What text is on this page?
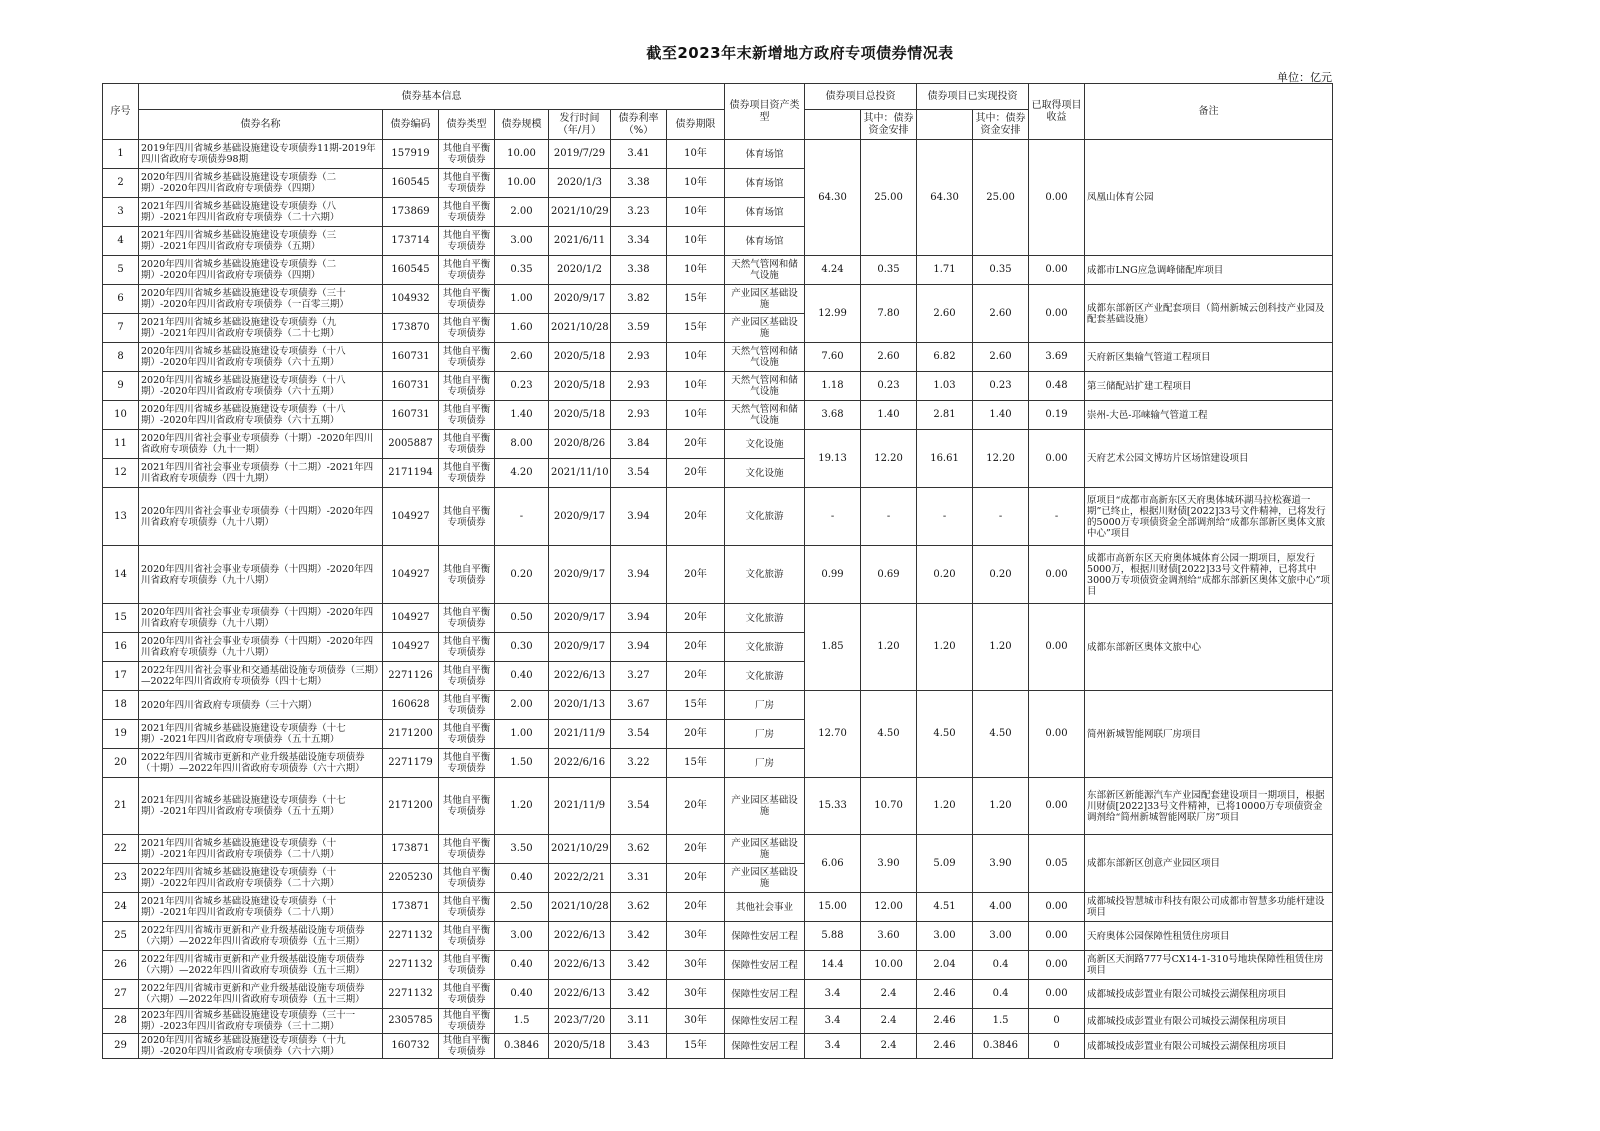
截至2023年末新增地方政府专项债券情况表
单位：亿元
序号	债券基本信息							债券项目资产类型	债券项目总投资		债券项目已实现投资		已取得项目收益	备注
	债券名称	债券编码	债券类型	债券规模	发行时间（年/月）	债券利率（%）	债券期限			其中：债券资金安排		其中：债券资金安排		
1	2019年四川省城乡基础设施建设专项债券11期-2019年四川省政府专项债券98期	157919	其他自平衡专项债券	10.00	2019/7/29	3.41	10年	体育场馆	64.30	25.00	64.30	25.00	0.00	凤凰山体育公园
2	2020年四川省城乡基础设施建设专项债券（二期）-2020年四川省政府专项债券（四期）	160545	其他自平衡专项债券	10.00	2020/1/3	3.38	10年	体育场馆						
3	2021年四川省城乡基础设施建设专项债券（八期）-2021年四川省政府专项债券（二十六期）	173869	其他自平衡专项债券	2.00	2021/10/29	3.23	10年	体育场馆						
4	2021年四川省城乡基础设施建设专项债券（三期）-2021年四川省政府专项债券（五期）	173714	其他自平衡专项债券	3.00	2021/6/11	3.34	10年	体育场馆						
5	2020年四川省城乡基础设施建设专项债券（二期）-2020年四川省政府专项债券（四期）	160545	其他自平衡专项债券	0.35	2020/1/2	3.38	10年	天然气管网和储气设施	4.24	0.35	1.71	0.35	0.00	成都市LNG应急调峰储配库项目
6	2020年四川省城乡基础设施建设专项债券（三十期）-2020年四川省政府专项债券（一百零三期）	104932	其他自平衡专项债券	1.00	2020/9/17	3.82	15年	产业园区基础设施	12.99	7.80	2.60	2.60	0.00	成都东部新区产业配套项目（简州新城云创科技产业园及配套基础设施）
7	2021年四川省城乡基础设施建设专项债券（九期）-2021年四川省政府专项债券（二十七期）	173870	其他自平衡专项债券	1.60	2021/10/28	3.59	15年	产业园区基础设施						
8	2020年四川省城乡基础设施建设专项债券（十八期）-2020年四川省政府专项债券（六十五期）	160731	其他自平衡专项债券	2.60	2020/5/18	2.93	10年	天然气管网和储气设施	7.60	2.60	6.82	2.60	3.69	天府新区集输气管道工程项目
9	2020年四川省城乡基础设施建设专项债券（十八期）-2020年四川省政府专项债券（六十五期）	160731	其他自平衡专项债券	0.23	2020/5/18	2.93	10年	天然气管网和储气设施	1.18	0.23	1.03	0.23	0.48	第三储配站扩建工程项目
10	2020年四川省城乡基础设施建设专项债券（十八期）-2020年四川省政府专项债券（六十五期）	160731	其他自平衡专项债券	1.40	2020/5/18	2.93	10年	天然气管网和储气设施	3.68	1.40	2.81	1.40	0.19	崇州-大邑-邛崃输气管道工程
11	2020年四川省社会事业专项债券（十期）-2020年四川省政府专项债券（九十一期）	2005887	其他自平衡专项债券	8.00	2020/8/26	3.84	20年	文化设施	19.13	12.20	16.61	12.20	0.00	天府艺术公园文博坊片区场馆建设项目
12	2021年四川省社会事业专项债券（十二期）-2021年四川省政府专项债券（四十九期）	2171194	其他自平衡专项债券	4.20	2021/11/10	3.54	20年	文化设施						
13	2020年四川省社会事业专项债券（十四期）-2020年四川省政府专项债券（九十八期）	104927	其他自平衡专项债券	-	2020/9/17	3.94	20年	文化旅游	-	-	-	-	-	原项目“成都市高新东区天府奥体城环湖马拉松赛道一期”已终止，根据川财债[2022]33号文件精神，已将发行的5000万专项债资金全部调剂给“成都东部新区奥体文旅中心”项目
14	2020年四川省社会事业专项债券（十四期）-2020年四川省政府专项债券（九十八期）	104927	其他自平衡专项债券	0.20	2020/9/17	3.94	20年	文化旅游	0.99	0.69	0.20	0.20	0.00	成都市高新东区天府奥体城体育公园一期项目，原发行5000万，根据川财债[2022]33号文件精神，已将其中3000万专项债资金调剂给“成都东部新区奥体文旅中心”项目
15	2020年四川省社会事业专项债券（十四期）-2020年四川省政府专项债券（九十八期）	104927	其他自平衡专项债券	0.50	2020/9/17	3.94	20年	文化旅游	1.85	1.20	1.20	1.20	0.00	成都东部新区奥体文旅中心
16	2020年四川省社会事业专项债券（十四期）-2020年四川省政府专项债券（九十八期）	104927	其他自平衡专项债券	0.30	2020/9/17	3.94	20年	文化旅游						
17	2022年四川省社会事业和交通基础设施专项债券（三期）—2022年四川省政府专项债券（四十七期）	2271126	其他自平衡专项债券	0.40	2022/6/13	3.27	20年	文化旅游						
18	2020年四川省政府专项债券（三十六期）	160628	其他自平衡专项债券	2.00	2020/1/13	3.67	15年	厂房	12.70	4.50	4.50	4.50	0.00	简州新城智能网联厂房项目
19	2021年四川省城乡基础设施建设专项债券（十七期）-2021年四川省政府专项债券（五十五期）	2171200	其他自平衡专项债券	1.00	2021/11/9	3.54	20年	厂房						
20	2022年四川省城市更新和产业升级基础设施专项债券（十期）—2022年四川省政府专项债券（六十六期）	2271179	其他自平衡专项债券	1.50	2022/6/16	3.22	15年	厂房						
21	2021年四川省城乡基础设施建设专项债券（十七期）-2021年四川省政府专项债券（五十五期）	2171200	其他自平衡专项债券	1.20	2021/11/9	3.54	20年	产业园区基础设施	15.33	10.70	1.20	1.20	0.00	东部新区新能源汽车产业园配套建设项目一期项目，根据川财债[2022]33号文件精神，已将10000万专项债资金调剂给“简州新城智能网联厂房”项目
22	2021年四川省城乡基础设施建设专项债券（十期）-2021年四川省政府专项债券（二十八期）	173871	其他自平衡专项债券	3.50	2021/10/29	3.62	20年	产业园区基础设施	6.06	3.90	5.09	3.90	0.05	成都东部新区创意产业园区项目
23	2022年四川省城乡基础设施建设专项债券（十期）-2022年四川省政府专项债券（二十六期）	2205230	其他自平衡专项债券	0.40	2022/2/21	3.31	20年	产业园区基础设施						
24	2021年四川省城乡基础设施建设专项债券（十期）-2021年四川省政府专项债券（二十八期）	173871	其他自平衡专项债券	2.50	2021/10/28	3.62	20年	其他社会事业	15.00	12.00	4.51	4.00	0.00	成都城投智慧城市科技有限公司成都市智慧多功能杆建设项目
25	2022年四川省城市更新和产业升级基础设施专项债券（六期）—2022年四川省政府专项债券（五十三期）	2271132	其他自平衡专项债券	3.00	2022/6/13	3.42	30年	保障性安居工程	5.88	3.60	3.00	3.00	0.00	天府奥体公园保障性租赁住房项目
26	2022年四川省城市更新和产业升级基础设施专项债券（六期）—2022年四川省政府专项债券（五十三期）	2271132	其他自平衡专项债券	0.40	2022/6/13	3.42	30年	保障性安居工程	14.4	10.00	2.04	0.4	0.00	高新区天润路777号CX14-1-310号地块保障性租赁住房项目
27	2022年四川省城市更新和产业升级基础设施专项债券（六期）—2022年四川省政府专项债券（五十三期）	2271132	其他自平衡专项债券	0.40	2022/6/13	3.42	30年	保障性安居工程	3.4	2.4	2.46	0.4	0.00	成都城投成彭置业有限公司城投云湖保租房项目
28	2023年四川省城乡基础设施建设专项债券（三十一期）-2023年四川省政府专项债券（三十二期）	2305785	其他自平衡专项债券	1.5	2023/7/20	3.11	30年	保障性安居工程	3.4	2.4	2.46	1.5	0	成都城投成彭置业有限公司城投云湖保租房项目
29	2020年四川省城乡基础设施建设专项债券（十九期）-2020年四川省政府专项债券（六十六期）	160732	其他自平衡专项债券	0.3846	2020/5/18	3.43	15年	保障性安居工程	3.4	2.4	2.46	0.3846	0	成都城投成彭置业有限公司城投云湖保租房项目
